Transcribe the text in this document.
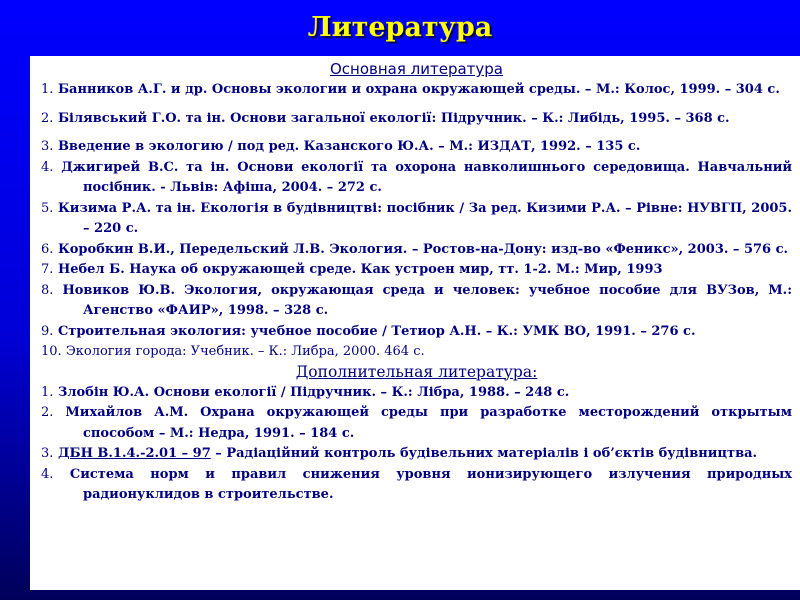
Литература
Основная литература
1. Банников А.Г. и др. Основы экологии и охрана окружающей среды. – М.: Колос, 1999. – 304 с.
2. Білявський Г.О. та ін. Основи загальної екології: Підручник. – К.: Либідь, 1995. – 368 с.
3. Введение в экологию / под ред. Казанского Ю.А. – М.: ИЗДАТ, 1992. – 135 с.
4. Джигирей В.С. та ін. Основи екології та охорона навколишнього середовища. Навчальний посібник. - Львів: Афіша, 2004. – 272 с.
5. Кизима Р.А. та ін. Екологія в будівництві: посібник / За ред. Кизими Р.А. – Рівне: НУВГП, 2005. – 220 с.
6. Коробкин В.И., Передельский Л.В. Экология. – Ростов-на-Дону: изд-во «Феникс», 2003. – 576 с.
7. Небел Б. Наука об окружающей среде. Как устроен мир, тт. 1-2. М.: Мир, 1993
8. Новиков Ю.В. Экология, окружающая среда и человек: учебное пособие для ВУЗов, М.: Агенство «ФАИР», 1998. – 328 с.
9. Строительная экология: учебное пособие / Тетиор А.Н. – К.: УМК ВО, 1991. – 276 с.
10. Экология города: Учебник. – К.: Либра, 2000. 464 с.
Дополнительная литература:
1. Злобін Ю.А. Основи екології / Підручник. – К.: Лібра, 1988. – 248 с.
2. Михайлов А.М. Охрана окружающей среды при разработке месторождений открытым способом – М.: Недра, 1991. – 184 с.
3. ДБН В.1.4.-2.01 – 97 – Радіаційний контроль будівельних матеріалів і об’єктів будівництва.
4. Система норм и правил снижения уровня ионизирующего излучения природных радионуклидов в строительстве.
